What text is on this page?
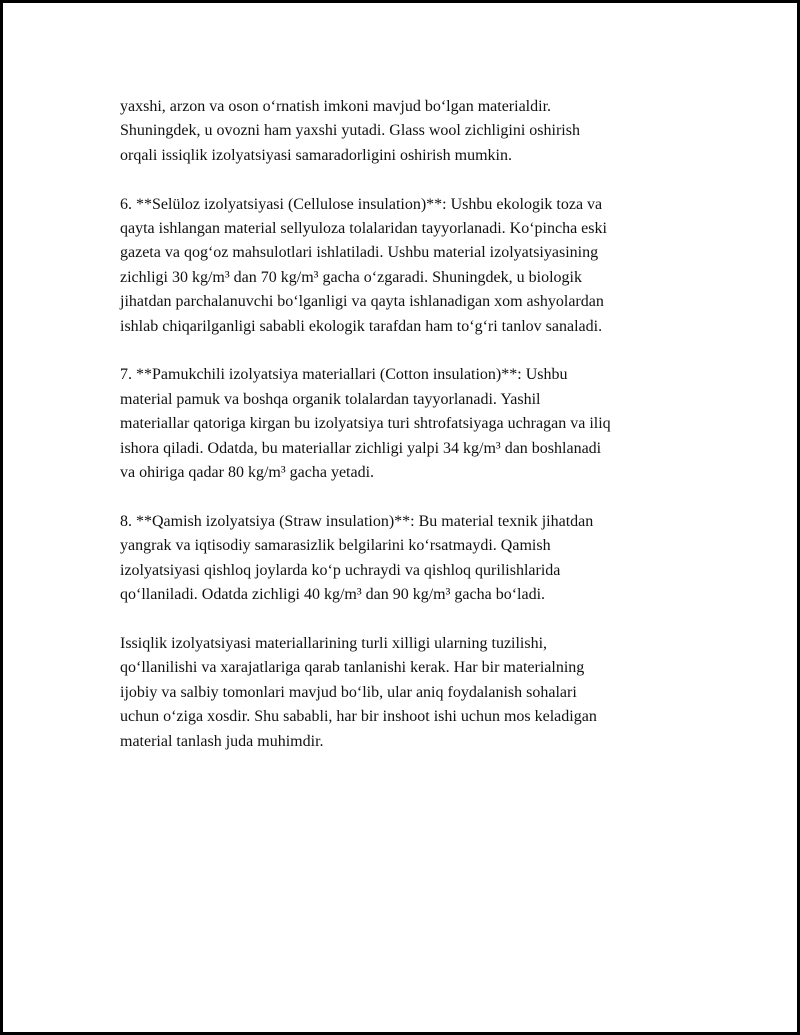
yaxshi, arzon va oson oʻrnatish imkoni mavjud boʻlgan materialdir.
Shuningdek, u ovozni ham yaxshi yutadi. Glass wool zichligini oshirish
orqali issiqlik izolyatsiyasi samaradorligini oshirish mumkin.

6. **Selüloz izolyatsiyasi (Cellulose insulation)**: Ushbu ekologik toza va
qayta ishlangan material sellyuloza tolalaridan tayyorlanadi. Koʻpincha eski
gazeta va qogʻoz mahsulotlari ishlatiladi. Ushbu material izolyatsiyasining
zichligi 30 kg/m³ dan 70 kg/m³ gacha oʻzgaradi. Shuningdek, u biologik
jihatdan parchalanuvchi boʻlganligi va qayta ishlanadigan xom ashyolardan
ishlab chiqarilganligi sababli ekologik tarafdan ham toʻgʻri tanlov sanaladi.

7. **Pamukchili izolyatsiya materiallari (Cotton insulation)**: Ushbu
material pamuk va boshqa organik tolalardan tayyorlanadi. Yashil
materiallar qatoriga kirgan bu izolyatsiya turi shtrofatsiyaga uchragan va iliq
ishora qiladi. Odatda, bu materiallar zichligi yalpi 34 kg/m³ dan boshlanadi
va ohiriga qadar 80 kg/m³ gacha yetadi.

8. **Qamish izolyatsiya (Straw insulation)**: Bu material texnik jihatdan
yangrak va iqtisodiy samarasizlik belgilarini koʻrsatmaydi. Qamish
izolyatsiyasi qishloq joylarda koʻp uchraydi va qishloq qurilishlarida
qoʻllaniladi. Odatda zichligi 40 kg/m³ dan 90 kg/m³ gacha boʻladi.

Issiqlik izolyatsiyasi materiallarining turli xilligi ularning tuzilishi,
qoʻllanilishi va xarajatlariga qarab tanlanishi kerak. Har bir materialning
ijobiy va salbiy tomonlari mavjud boʻlib, ular aniq foydalanish sohalari
uchun oʻziga xosdir. Shu sababli, har bir inshoot ishi uchun mos keladigan
material tanlash juda muhimdir.
